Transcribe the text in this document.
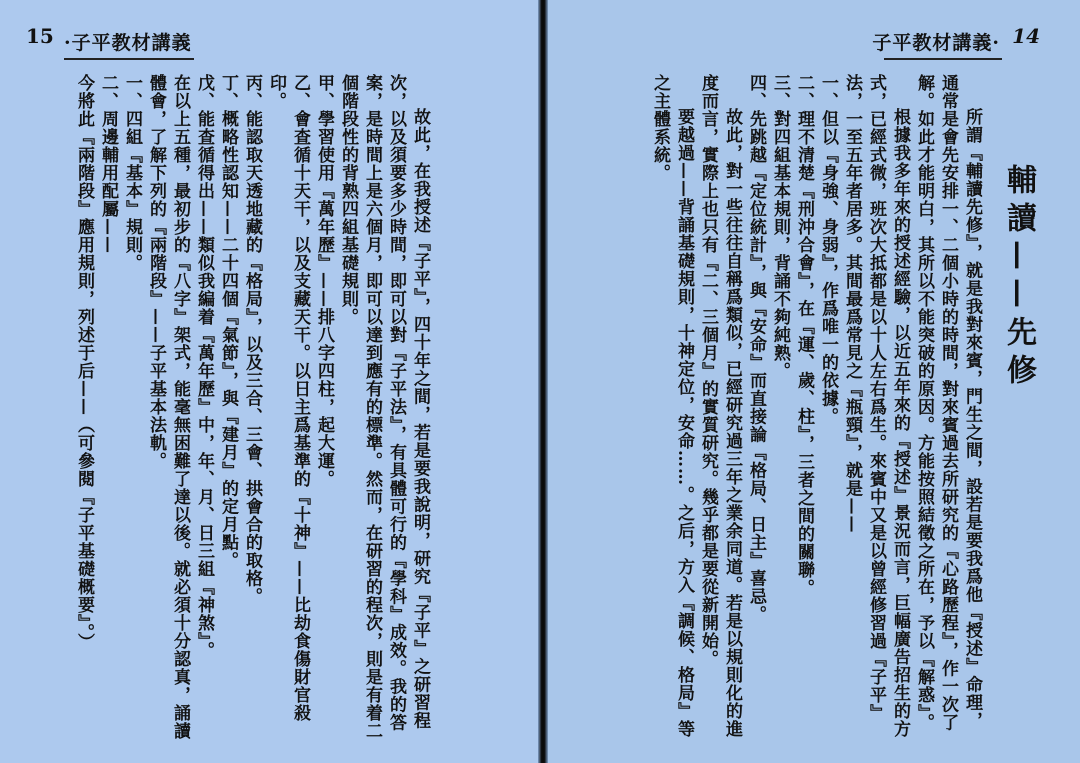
15 ·子平教材講義

故此，在我授述『子平』，四十年之間，若是要我說明，研究『子平』之研習程次，以及須要多少時間，即可以對『子平法』，有具體可行的『學科』成效。我的答案，是時間上是六個月，即可以達到應有的標準。然而，在研習的程次，則是有着二個階段性的背熟四組基礎規則。

甲、學習使用『萬年歷』——排八字四柱，起大運。

乙、會查循十天干，以及支藏天干。以日主爲基準的『十神』——比劫食傷財官殺印。

丙、能認取天透地藏的『格局』，以及三合、三會、拱會合的取格。

丁、概略性認知——二十四個『氣節』，與『建月』的定月點。

戊、能查循得出——類似我編着『萬年歷』中，年、月、日三組『神煞』。

在以上五種，最初步的『八字』架式，能毫無困難了達以後。就必須十分認真，誦讀體會，了解下列的『兩階段』——子平基本法軌。

一、四組『基本』規則。

二、周邊輔用配屬——

今將此『兩階段』應用規則，列述于后——（可參閱『子平基礎概要』。）

14
子平教材講義·

輔讀——先修

所謂『輔讀先修』，就是我對來賓，門生之間，設若是要我爲他『授述』命理，通常是會先安排一、二個小時的時間，對來賓過去所研究的『心路歷程』，作一次了解。如此才能明白，其所以不能突破的原因。方能按照結徵之所在，予以『解惑』。

根據我多年來的授述經驗，以近五年來的『授述』景況而言，巨幅廣告招生的方式，已經式微，班次大抵都是以十人左右爲生。來賓中又是以曾經修習過『子平』法，一至五年者居多。其間最爲常見之『瓶頸』，就是——

一、但以『身強、身弱』，作爲唯一的依據。

二、理不清楚『刑沖合會』，在『運、歲、柱』，三者之間的關聯。

三、對四組基本規則，背誦不夠純熟。

四、先跳越『定位統計』，與『安命』而直接論『格局、日主』喜忌。

故此，對一些往往自稱爲類似，已經研究過三年之業余同道。若是以規則化的進度而言，實際上也只有『二、三個月』的實質研究。幾乎都是要從新開始。

要越過——背誦基礎規則，十神定位，安命……。之后，方入『調候、格局』等之主體系統。
